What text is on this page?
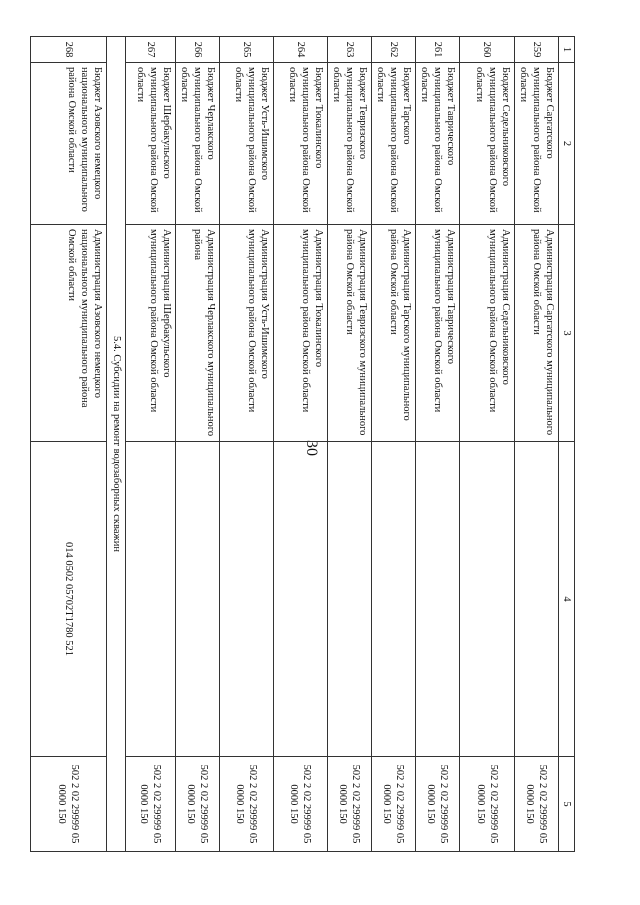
30
1	2	3	4	5
259	Бюджет Саргатского муниципального района Омской области	Администрация Саргатского муниципального района Омской области		502 2 02 29999 05 0000 150
260	Бюджет Седельниковского муниципального района Омской области	Администрация Седельниковского муниципального района Омской области		502 2 02 29999 05 0000 150
261	Бюджет Таврического муниципального района Омской области	Администрация Таврического муниципального района Омской области		502 2 02 29999 05 0000 150
262	Бюджет Тарского муниципального района Омской области	Администрация Тарского муниципального района Омской области		502 2 02 29999 05 0000 150
263	Бюджет Тевризского муниципального района Омской области	Администрация Тевризского муниципального района Омской области		502 2 02 29999 05 0000 150
264	Бюджет Тюкалинского муниципального района Омской области	Администрация Тюкалинского муниципального района Омской области		502 2 02 29999 05 0000 150
265	Бюджет Усть-Ишимского муниципального района Омской области	Администрация Усть-Ишимского муниципального района Омской области		502 2 02 29999 05 0000 150
266	Бюджет Черлакского муниципального района Омской области	Администрация Черлакского муниципального района		502 2 02 29999 05 0000 150
267	Бюджет Шербакульского муниципального района Омской области	Администрация Шербакульского муниципального района Омской области		502 2 02 29999 05 0000 150
5.4. Субсидии на ремонт водозаборных скважин				
268	Бюджет Азовского немецкого национального муниципального района Омской области	Администрация Азовского немецкого национального муниципального района Омской области	014 0502 05702T1780 521	502 2 02 29999 05 0000 150
